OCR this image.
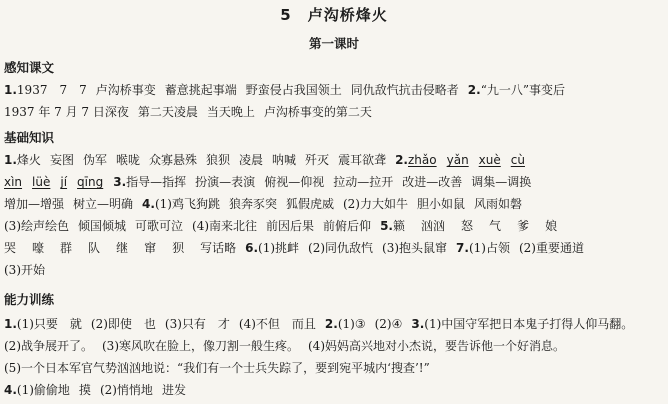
5 卢沟桥烽火
第一课时
感知课文
1.1937　7　7 卢沟桥事变 蓄意挑起事端 野蛮侵占我国领土 同仇敌忾抗击侵略者 2.“九一八”事变后
1937 年 7 月 7 日深夜 第二天凌晨 当天晚上 卢沟桥事变的第二天
基础知识
1.烽火 妄图 伪军 喉咙 众寡悬殊 狼狈 凌晨 呐喊 歼灭 震耳欲聋 2.zhǎo yǎn xuè cù
xìn lüè jí qīng 3.指导—指挥 扮演—表演 俯视—仰视 拉动—拉开 改进—改善 调集—调换
增加—增强 树立—明确 4.(1)鸡飞狗跳 狼奔豕突 狐假虎威 (2)力大如牛 胆小如鼠 风雨如磐
(3)绘声绘色 倾国倾城 可歌可泣 (4)南来北往 前因后果 前俯后仰 5.籁 汹汹 怒 气 爹 娘
哭 嚎 群 队 继 窜 狈 写话略 6.(1)挑衅 (2)同仇敌忾 (3)抱头鼠窜 7.(1)占领 (2)重要通道
(3)开始
能力训练
1.(1)只要　就 (2)即使　也 (3)只有　才 (4)不但　而且 2.(1)③ (2)④ 3.(1)中国守军把日本鬼子打得人仰马翻。
(2)战争展开了。 (3)寒风吹在脸上，像刀割一般生疼。 (4)妈妈高兴地对小杰说，要告诉他一个好消息。
(5)一个日本军官气势汹汹地说：“我们有一个士兵失踪了，要到宛平城内‘搜查’!”
4.(1)偷偷地 摸 (2)悄悄地 进发
